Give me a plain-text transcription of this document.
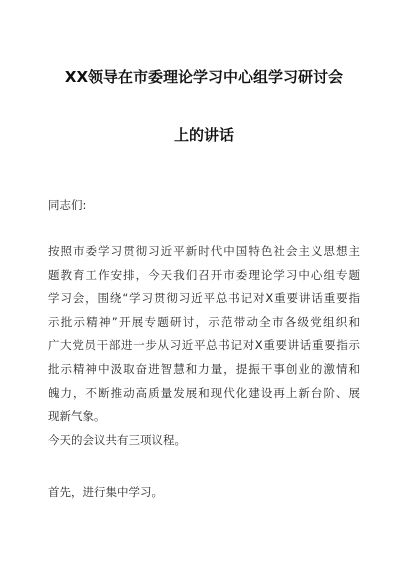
XX领导在市委理论学习中心组学习研讨会
上的讲话

同志们:

按照市委学习贯彻习近平新时代中国特色社会主义思想主
题教育工作安排，今天我们召开市委理论学习中心组专题
学习会，围绕“学习贯彻习近平总书记对X重要讲话重要指
示批示精神”开展专题研讨，示范带动全市各级党组织和
广大党员干部进一步从习近平总书记对X重要讲话重要指示
批示精神中汲取奋进智慧和力量，提振干事创业的激情和
魄力，不断推动高质量发展和现代化建设再上新台阶、展
现新气象。

今天的会议共有三项议程。

首先，进行集中学习。
